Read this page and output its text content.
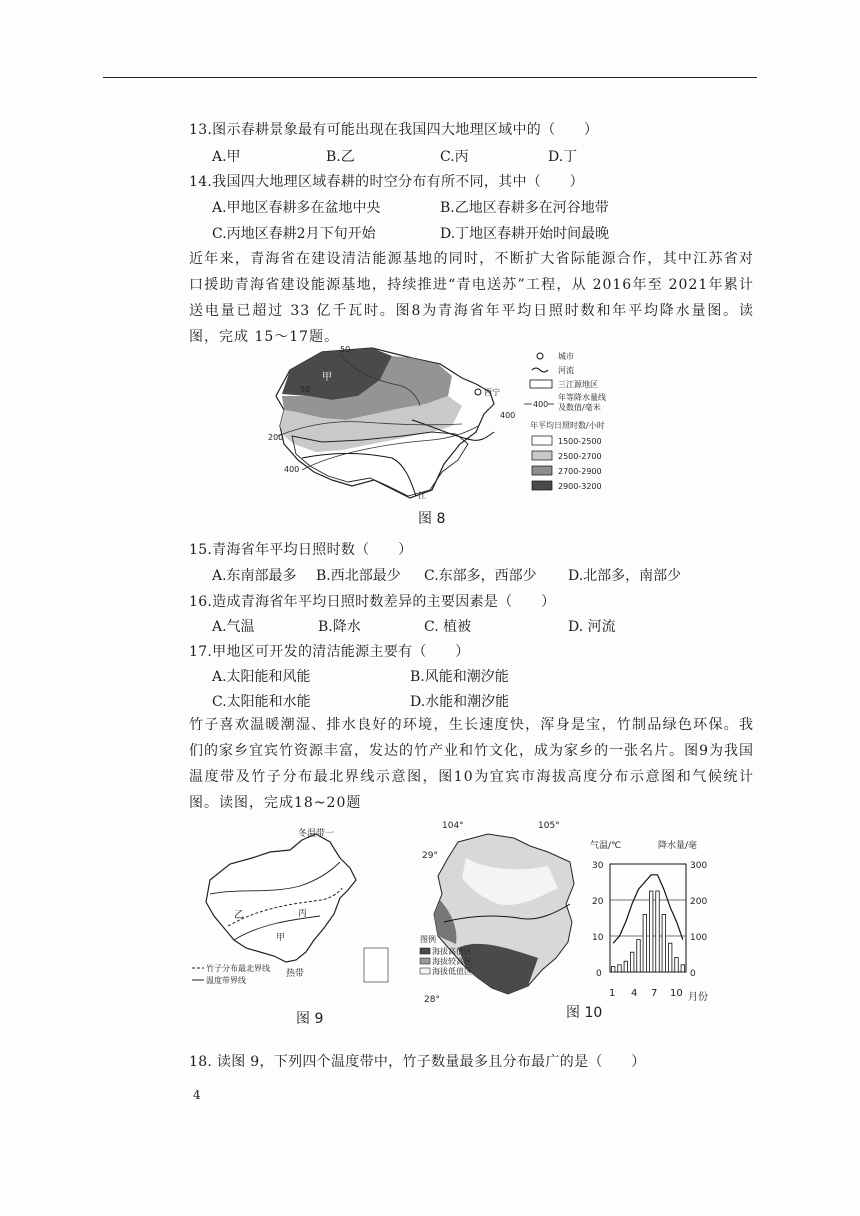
13.图示春耕景象最有可能出现在我国四大地理区域中的（　　）
A.甲	B.乙	C.丙	D.丁
14.我国四大地理区域春耕的时空分布有所不同，其中（　　）
A.甲地区春耕多在盆地中央	B.乙地区春耕多在河谷地带
C.丙地区春耕2月下旬开始	D.丁地区春耕开始时间最晚
近年来，青海省在建设清洁能源基地的同时，不断扩大省际能源合作，其中江苏省对口援助青海省建设能源基地，持续推进“青电送苏”工程，从 2016年至 2021年累计送电量已超过 33 亿千瓦时。图8为青海省年平均日照时数和年平均降水量图。读图，完成 15～17题。
西宁
甲
50
50
400
200
400
江
城市
河流
三江源地区
400
年等降水量线
及数值/毫米
年平均日照时数/小时
1500-2500
2500-2700
2700-2900
2900-3200
图 8
15.青海省年平均日照时数（　　）
A.东南部最多 B.西北部最少 C.东部多，西部少 D.北部多，南部少
16.造成青海省年平均日照时数差异的主要因素是（　　）
A.气温	B.降水	C. 植被	D. 河流
17.甲地区可开发的清洁能源主要有（　　）
A.太阳能和风能	B.风能和潮汐能
C.太阳能和水能	D.水能和潮汐能
竹子喜欢温暖潮湿、排水良好的环境，生长速度快，浑身是宝，竹制品绿色环保。我们的家乡宜宾竹资源丰富，发达的竹产业和竹文化，成为家乡的一张名片。图9为我国温度带及竹子分布最北界线示意图，图10为宜宾市海拔高度分布示意图和气候统计图。读图，完成18~20题
冬温带一
乙	丙
甲
热带
竹子分布最北界线
温度带界线
图 9
104°	105°
29°
28°
图例
海拔高值区
海拔较高区
海拔低值区
气温/℃	降水量/毫
30
20
10
0
300
200
100
0
1 4 7 10 月份
图 10
18. 读图 9，下列四个温度带中，竹子数量最多且分布最广的是（　　）
4
